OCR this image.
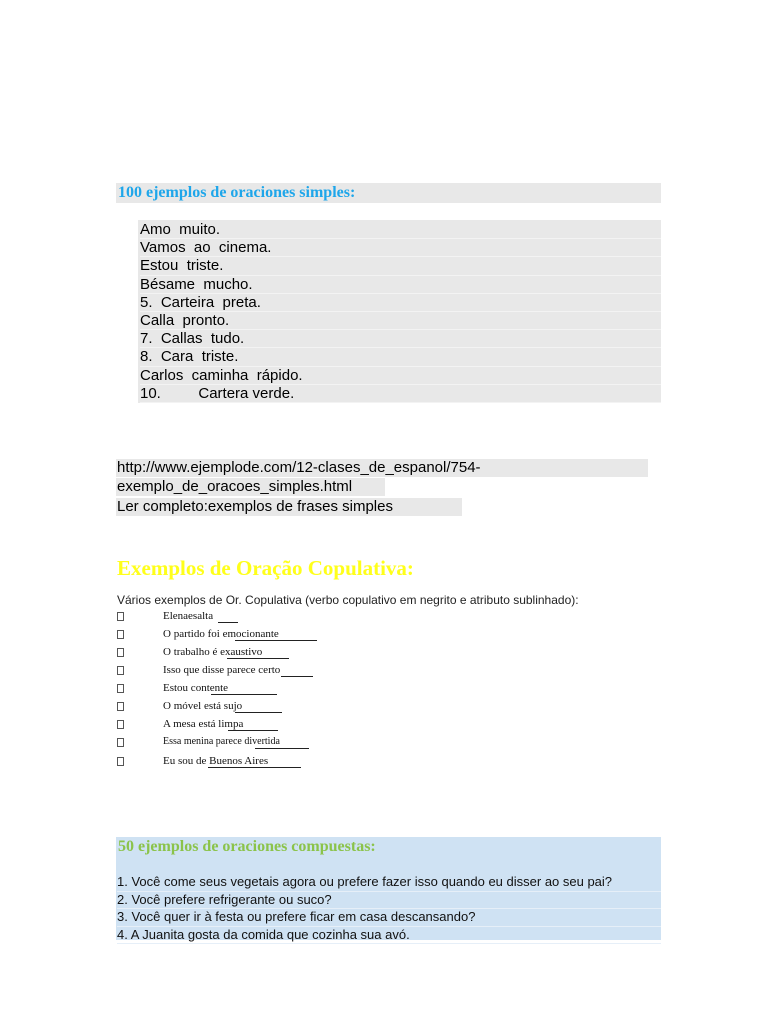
100 ejemplos de oraciones simples:
Amo  muito.
Vamos  ao  cinema.
Estou  triste.
Bésame  mucho.
5.  Carteira  preta.
Calla  pronto.
7.  Callas  tudo.
8.  Cara  triste.
Carlos  caminha  rápido.
10.         Cartera verde.
http://www.ejemplode.com/12-clases_de_espanol/754-
exemplo_de_oracoes_simples.html
Ler completo:exemplos de frases simples
Exemplos de Oração Copulativa:
Vários exemplos de Or. Copulativa (verbo copulativo em negrito e atributo sublinhado):
Elenaesalta
O partido foi emocionante
O trabalho é exaustivo
Isso que disse parece certo
Estou contente
O móvel está sujo
A mesa está limpa
Essa menina parece divertida
Eu sou de Buenos Aires
50 ejemplos de oraciones compuestas:
1. Você come seus vegetais agora ou prefere fazer isso quando eu disser ao seu pai?
2. Você prefere refrigerante ou suco?
3. Você quer ir à festa ou prefere ficar em casa descansando?
4. A Juanita gosta da comida que cozinha sua avó.
